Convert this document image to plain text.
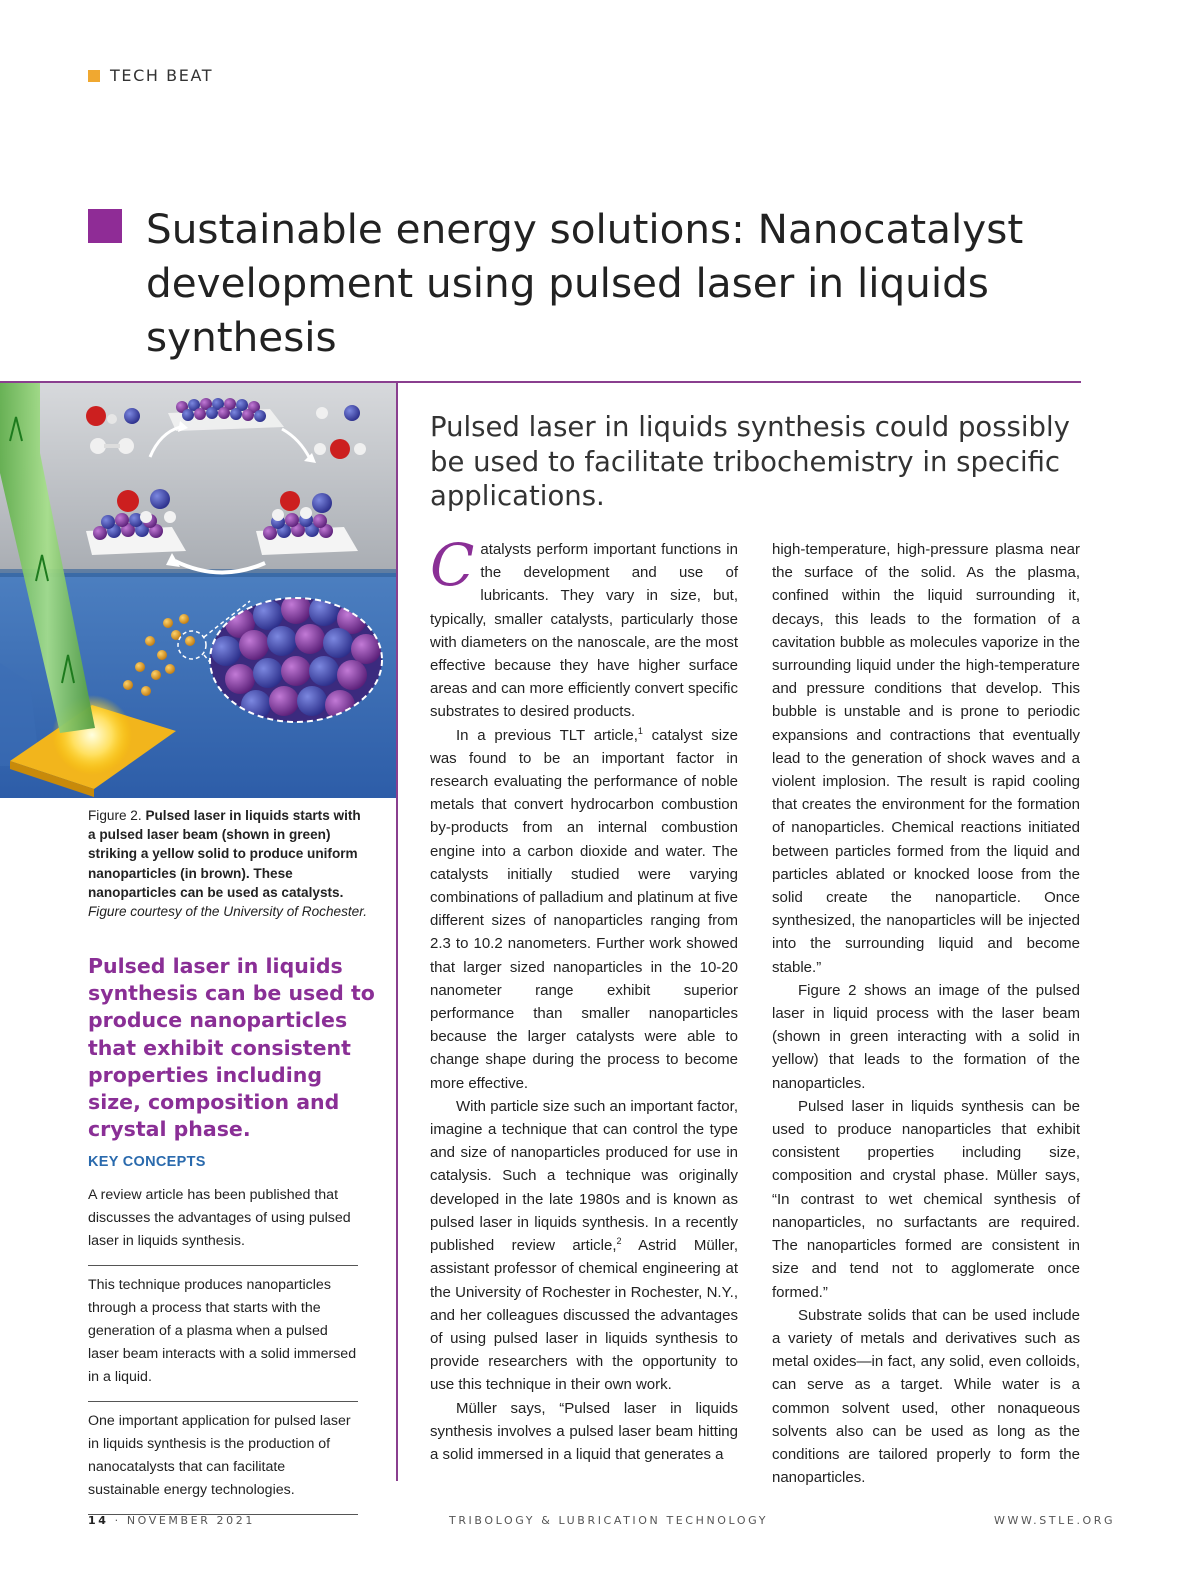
TECH BEAT
Sustainable energy solutions: Nanocatalyst development using pulsed laser in liquids synthesis
Figure 2. Pulsed laser in liquids starts with a pulsed laser beam (shown in green) striking a yellow solid to produce uniform nanoparticles (in brown). These nanoparticles can be used as catalysts. Figure courtesy of the University of Rochester.
Pulsed laser in liquids synthesis can be used to produce nanoparticles that exhibit consistent properties including size, composition and crystal phase.
KEY CONCEPTS
A review article has been published that discusses the advantages of using pulsed laser in liquids synthesis.
This technique produces nanoparticles through a process that starts with the generation of a plasma when a pulsed laser beam interacts with a solid immersed in a liquid.
One important application for pulsed laser in liquids synthesis is the production of nanocatalysts that can facilitate sustainable energy technologies.
Pulsed laser in liquids synthesis could possibly be used to facilitate tribochemistry in specific applications.

Catalysts perform important functions in the development and use of lubricants. They vary in size, but, typically, smaller catalysts, particularly those with diameters on the nanoscale, are the most effective because they have higher surface areas and can more efficiently convert specific substrates to desired products.

In a previous TLT article,$^1$ catalyst size was found to be an important factor in research evaluating the performance of noble metals that convert hydrocarbon combustion by-products from an internal combustion engine into a carbon dioxide and water. The catalysts initially studied were varying combinations of palladium and platinum at five different sizes of nanoparticles ranging from 2.3 to 10.2 nanometers. Further work showed that larger sized nanoparticles in the 10-20 nanometer range exhibit superior performance than smaller nanoparticles because the larger catalysts were able to change shape during the process to become more effective.

With particle size such an important factor, imagine a technique that can control the type and size of nanoparticles produced for use in catalysis. Such a technique was originally developed in the late 1980s and is known as pulsed laser in liquids synthesis. In a recently published review article,$^2$ Astrid Müller, assistant professor of chemical engineering at the University of Rochester in Rochester, N.Y., and her colleagues discussed the advantages of using pulsed laser in liquids synthesis to provide researchers with the opportunity to use this technique in their own work.

Müller says, “Pulsed laser in liquids synthesis involves a pulsed laser beam hitting a solid immersed in a liquid that generates a

high-temperature, high-pressure plasma near the surface of the solid. As the plasma, confined within the liquid surrounding it, decays, this leads to the formation of a cavitation bubble as molecules vaporize in the surrounding liquid under the high-temperature and pressure conditions that develop. This bubble is unstable and is prone to periodic expansions and contractions that eventually lead to the generation of shock waves and a violent implosion. The result is rapid cooling that creates the environment for the formation of nanoparticles. Chemical reactions initiated between particles formed from the liquid and particles ablated or knocked loose from the solid create the nanoparticle. Once synthesized, the nanoparticles will be injected into the surrounding liquid and become stable.”

Figure 2 shows an image of the pulsed laser in liquid process with the laser beam (shown in green interacting with a solid in yellow) that leads to the formation of the nanoparticles.

Pulsed laser in liquids synthesis can be used to produce nanoparticles that exhibit consistent properties including size, composition and crystal phase. Müller says, “In contrast to wet chemical synthesis of nanoparticles, no surfactants are required. The nanoparticles formed are consistent in size and tend not to agglomerate once formed.”

Substrate solids that can be used include a variety of metals and derivatives such as metal oxides—in fact, any solid, even colloids, can serve as a target. While water is a common solvent used, other nonaqueous solvents also can be used as long as the conditions are tailored properly to form the nanoparticles.

14 · NOVEMBER 2021	TRIBOLOGY & LUBRICATION TECHNOLOGY	WWW.STLE.ORG
